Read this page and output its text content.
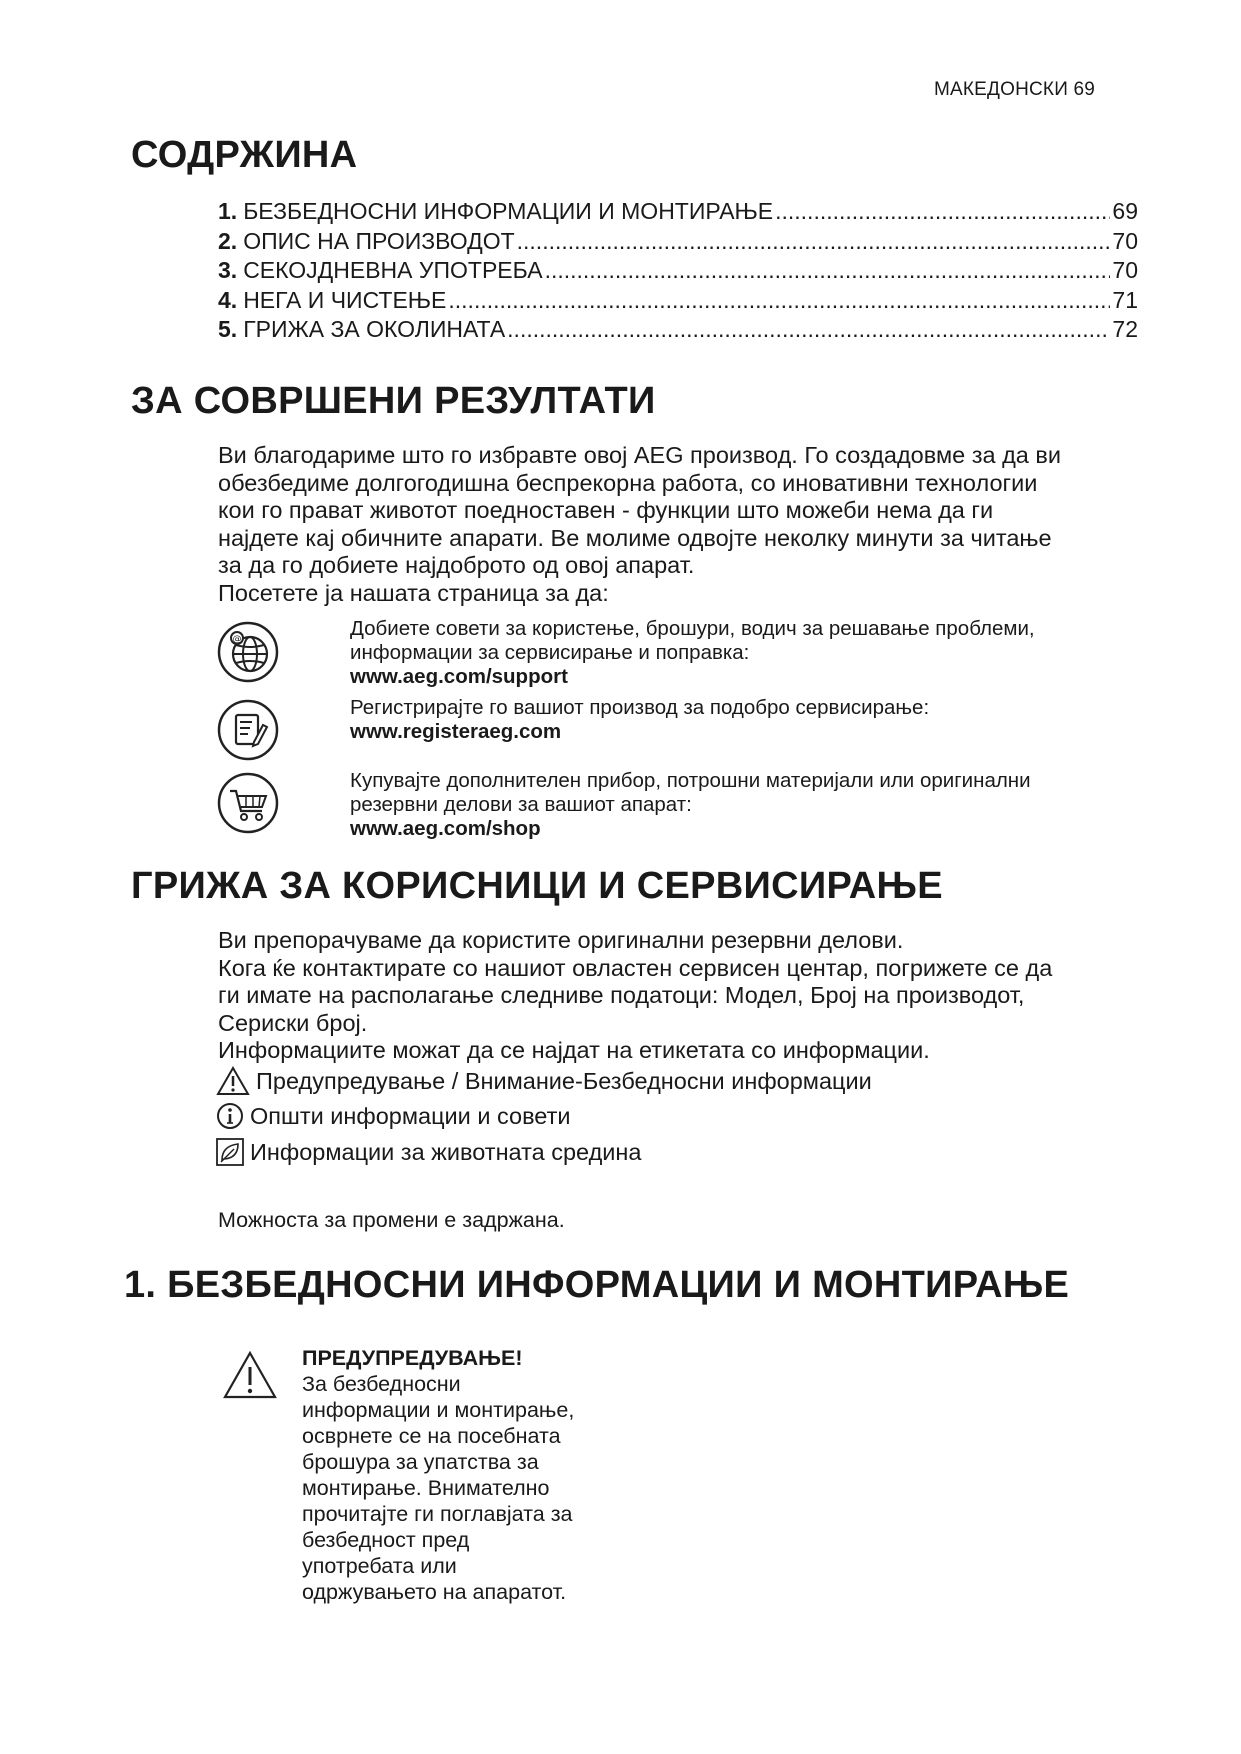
МАКЕДОНСКИ 69
СОДРЖИНА
1. БЕЗБЕДНОСНИ ИНФОРМАЦИИ И МОНТИРАЊЕ .....	69
2. ОПИС НА ПРОИЗВОДОТ .....	70
3. СЕКОЈДНЕВНА УПОТРЕБА .....	70
4. НЕГА И ЧИСТЕЊЕ .....	71
5. ГРИЖА ЗА ОКОЛИНАТА .....	72
ЗА СОВРШЕНИ РЕЗУЛТАТИ
Ви благодариме што го избравте овој AEG производ. Го создадовме за да ви
обезбедиме долгогодишна беспрекорна работа, со иновативни технологии
кои го прават животот поедноставен - функции што можеби нема да ги
најдете кај обичните апарати. Ве молиме одвојте неколку минути за читање
за да го добиете најдоброто од овој апарат.
Посетете ја нашата страница за да:
@	Добиете совети за користење, брошури, водич за решавање проблеми,
информации за сервисирање и поправка:
www.aeg.com/support
Регистрирајте го вашиот производ за подобро сервисирање:
www.registeraeg.com
Купувајте дополнителен прибор, потрошни материјали или оригинални
резервни делови за вашиот апарат:
www.aeg.com/shop
ГРИЖА ЗА КОРИСНИЦИ И СЕРВИСИРАЊЕ
Ви препорачуваме да користите оригинални резервни делови.
Кога ќе контактирате со нашиот овластен сервисен центар, погрижете се да
ги имате на располагање следниве податоци: Модел, Број на производот,
Сериски број.
Информациите можат да се најдат на етикетата со информации.
Предупредување / Внимание-Безбедносни информации
Општи информации и совети
Информации за животната средина
Можноста за промени е задржана.
1. БЕЗБЕДНОСНИ ИНФОРМАЦИИ И МОНТИРАЊЕ
ПРЕДУПРЕДУВАЊЕ!
За безбедносни
информации и монтирање,
осврнете се на посебната
брошура за упатства за
монтирање. Внимателно
прочитајте ги поглавјата за
безбедност пред
употребата или
одржувањето на апаратот.
